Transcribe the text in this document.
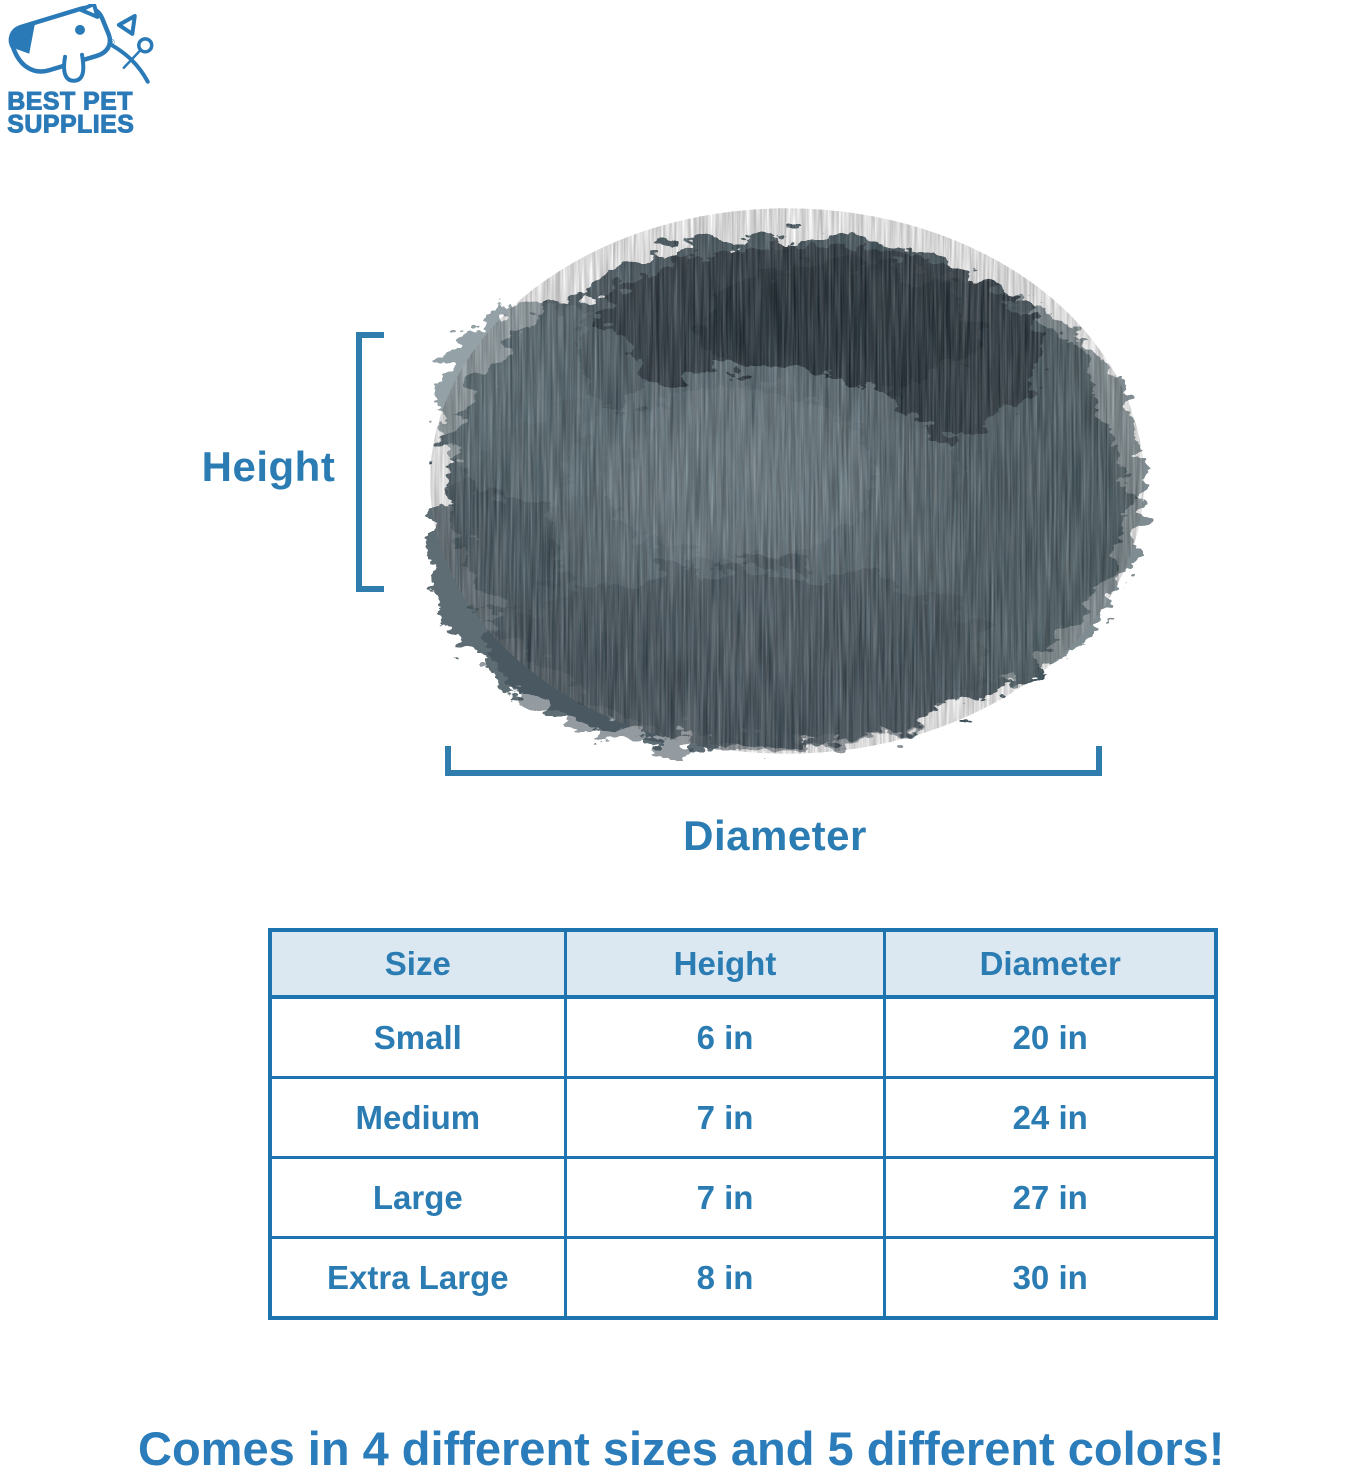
®
BEST PET
SUPPLIES
Height
Diameter
Size	Height	Diameter
Small	6 in	20 in
Medium	7 in	24 in
Large	7 in	27 in
Extra Large	8 in	30 in
Comes in 4 different sizes and 5 different colors!
